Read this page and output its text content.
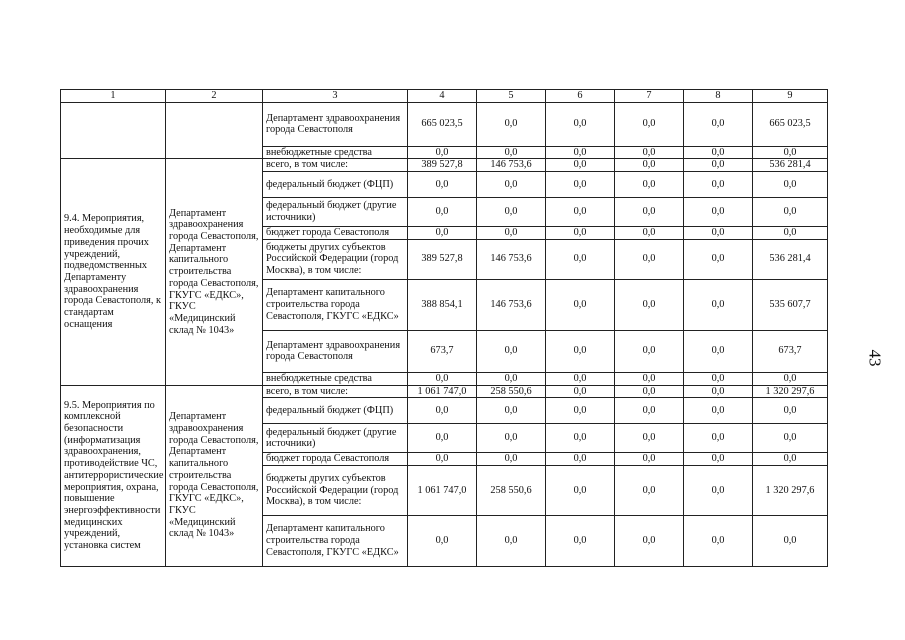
1	2	3	4	5	6	7	8	9
		Департамент здравоохранения города Севастополя	665 023,5	0,0	0,0	0,0	0,0	665 023,5
		внебюджетные средства	0,0	0,0	0,0	0,0	0,0	0,0
9.4. Мероприятия, необходимые для приведения прочих учреждений, подведомственных Департаменту здравоохранения города Севастополя, к стандартам оснащения	Департамент здравоохранения города Севастополя, Департамент капитального строительства города Севастополя, ГКУГС «ЕДКС», ГКУС «Медицинский склад № 1043»	всего, в том числе:	389 527,8	146 753,6	0,0	0,0	0,0	536 281,4
		федеральный бюджет (ФЦП)	0,0	0,0	0,0	0,0	0,0	0,0
		федеральный бюджет (другие источники)	0,0	0,0	0,0	0,0	0,0	0,0
		бюджет города Севастополя	0,0	0,0	0,0	0,0	0,0	0,0
		бюджеты других субъектов Российской Федерации (город Москва), в том числе:	389 527,8	146 753,6	0,0	0,0	0,0	536 281,4
		Департамент капитального строительства города Севастополя, ГКУГС «ЕДКС»	388 854,1	146 753,6	0,0	0,0	0,0	535 607,7
		Департамент здравоохранения города Севастополя	673,7	0,0	0,0	0,0	0,0	673,7
		внебюджетные средства	0,0	0,0	0,0	0,0	0,0	0,0
9.5. Мероприятия по комплексной безопасности (информатизация здравоохранения, противодействие ЧС, антитеррористические мероприятия, охрана, повышение энергоэффективности медицинских учреждений, установка систем	Департамент здравоохранения города Севастополя, Департамент капитального строительства города Севастополя, ГКУГС «ЕДКС», ГКУС «Медицинский склад № 1043»	всего, в том числе:	1 061 747,0	258 550,6	0,0	0,0	0,0	1 320 297,6
		федеральный бюджет (ФЦП)	0,0	0,0	0,0	0,0	0,0	0,0
		федеральный бюджет (другие источники)	0,0	0,0	0,0	0,0	0,0	0,0
		бюджет города Севастополя	0,0	0,0	0,0	0,0	0,0	0,0
		бюджеты других субъектов Российской Федерации (город Москва), в том числе:	1 061 747,0	258 550,6	0,0	0,0	0,0	1 320 297,6
		Департамент капитального строительства города Севастополя, ГКУГС «ЕДКС»	0,0	0,0	0,0	0,0	0,0	0,0
43
